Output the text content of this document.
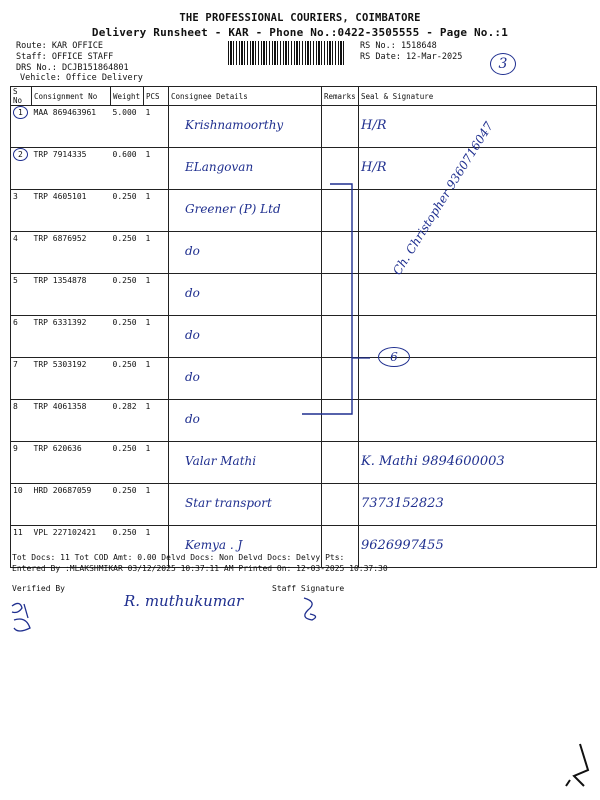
THE PROFESSIONAL COURIERS, COIMBATORE
Delivery Runsheet - KAR - Phone No.:0422-3505555 - Page No.:1
Route: KAR OFFICE
Staff: OFFICE STAFF
DRS No.: DCJB151864801
Vehicle: Office Delivery
RS No.: 1518648
RS Date: 12-Mar-2025	3
S No	Consignment No	Weight	PCS	Consignee Details	Remarks	Seal & Signature
1	MAA 869463961	5.000	1	Krishnamoorthy		H/R
2	TRP 7914335	0.600	1	ELangovan		H/R
3	TRP 4605101	0.250	1	Greener (P) Ltd		
4	TRP 6876952	0.250	1	do		
5	TRP 1354878	0.250	1	do		
6	TRP 6331392	0.250	1	do		
7	TRP 5303192	0.250	1	do		
8	TRP 4061358	0.282	1	do		
9	TRP 620636	0.250	1	Valar Mathi		K. Mathi 9894600003
10	HRD 20687059	0.250	1	Star transport		7373152823
11	VPL 227102421	0.250	1	Kemya . J		9626997455
6
Ch. Christopher 9360716047
Tot Docs: 11 Tot COD Amt: 0.00 Delvd Docs: Non Delvd Docs: Delvy Pts:
Entered By :MLAKSHMIKAR 03/12/2025 10:37:11 AM Printed On: 12-03-2025 10:37:30
Verified By	Staff Signature
R. muthukumar
